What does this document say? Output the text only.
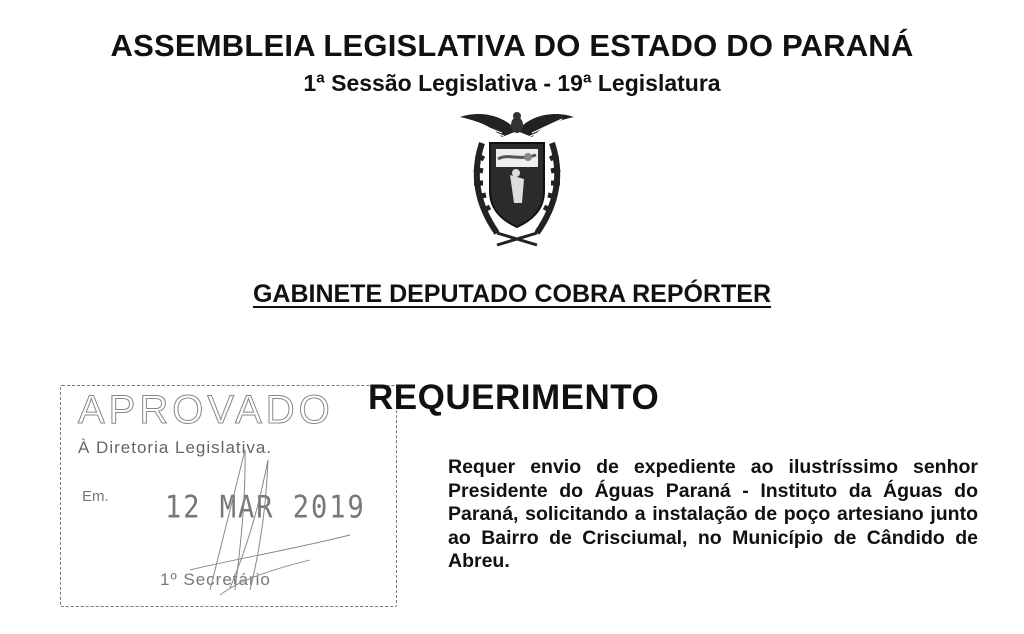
ASSEMBLEIA LEGISLATIVA DO ESTADO DO PARANÁ
1ª Sessão Legislativa - 19ª Legislatura
GABINETE DEPUTADO COBRA REPÓRTER
APROVADO
À Diretoria Legislativa.
Em. 12 MAR 2019
1º Secretário
REQUERIMENTO
Requer envio de expediente ao ilustríssimo senhor Presidente do Águas Paraná - Instituto da Águas do Paraná, solicitando a instalação de poço artesiano junto ao Bairro de Crisciumal, no Município de Cândido de Abreu.
